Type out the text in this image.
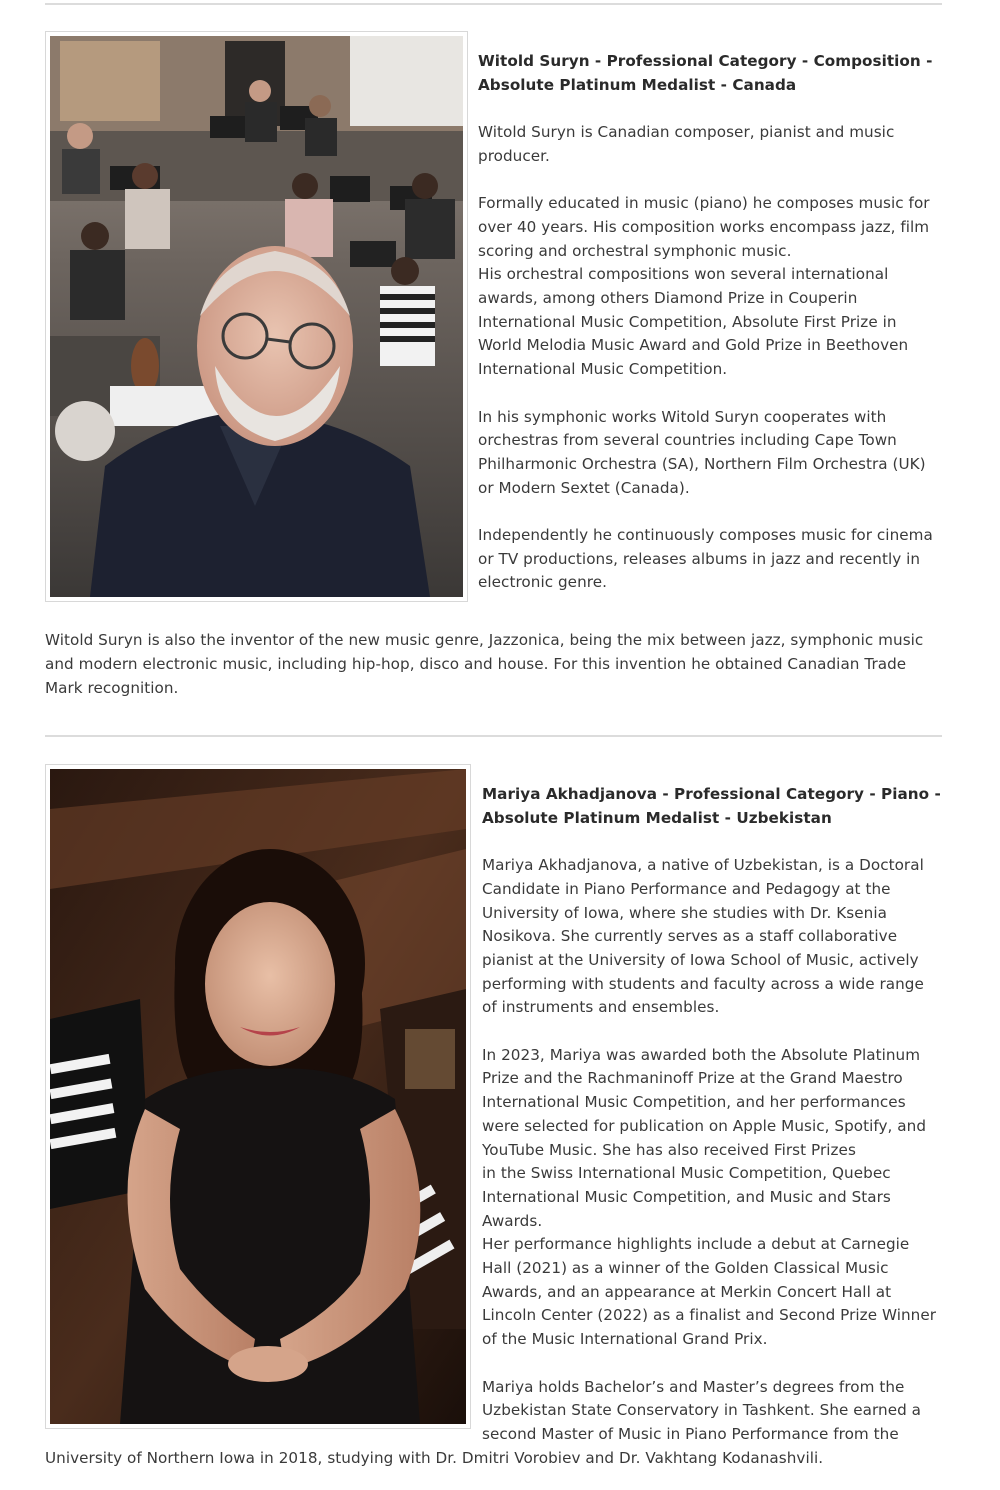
Witold Suryn - Professional Category - Composition - Absolute Platinum Medalist - Canada

Witold Suryn is Canadian composer, pianist and music producer.

Formally educated in music (piano) he composes music for over 40 years. His composition works encompass jazz, film scoring and orchestral symphonic music.

His orchestral compositions won several international awards, among others Diamond Prize in Couperin International Music Competition, Absolute First Prize in World Melodia Music Award and Gold Prize in Beethoven International Music Competition.

In his symphonic works Witold Suryn cooperates with orchestras from several countries including Cape Town Philharmonic Orchestra (SA), Northern Film Orchestra (UK) or Modern Sextet (Canada).

Independently he continuously composes music for cinema or TV productions, releases albums in jazz and recently in electronic genre.

Witold Suryn is also the inventor of the new music genre, Jazzonica, being the mix between jazz, symphonic music and modern electronic music, including hip-hop, disco and house. For this invention he obtained Canadian Trade Mark recognition.

Mariya Akhadjanova - Professional Category - Piano - Absolute Platinum Medalist - Uzbekistan

Mariya Akhadjanova, a native of Uzbekistan, is a Doctoral Candidate in Piano Performance and Pedagogy at the University of Iowa, where she studies with Dr. Ksenia Nosikova. She currently serves as a staff collaborative pianist at the University of Iowa School of Music, actively performing with students and faculty across a wide range of instruments and ensembles.

In 2023, Mariya was awarded both the Absolute Platinum Prize and the Rachmaninoff Prize at the Grand Maestro International Music Competition, and her performances were selected for publication on Apple Music, Spotify, and YouTube Music. She has also received First Prizes

in the Swiss International Music Competition, Quebec International Music Competition, and Music and Stars Awards.

Her performance highlights include a debut at Carnegie Hall (2021) as a winner of the Golden Classical Music Awards, and an appearance at Merkin Concert Hall at Lincoln Center (2022) as a finalist and Second Prize Winner of the Music International Grand Prix.

Mariya holds Bachelor’s and Master’s degrees from the Uzbekistan State Conservatory in Tashkent. She earned a second Master of Music in Piano Performance from the University of Northern Iowa in 2018, studying with Dr. Dmitri Vorobiev and Dr. Vakhtang Kodanashvili.
